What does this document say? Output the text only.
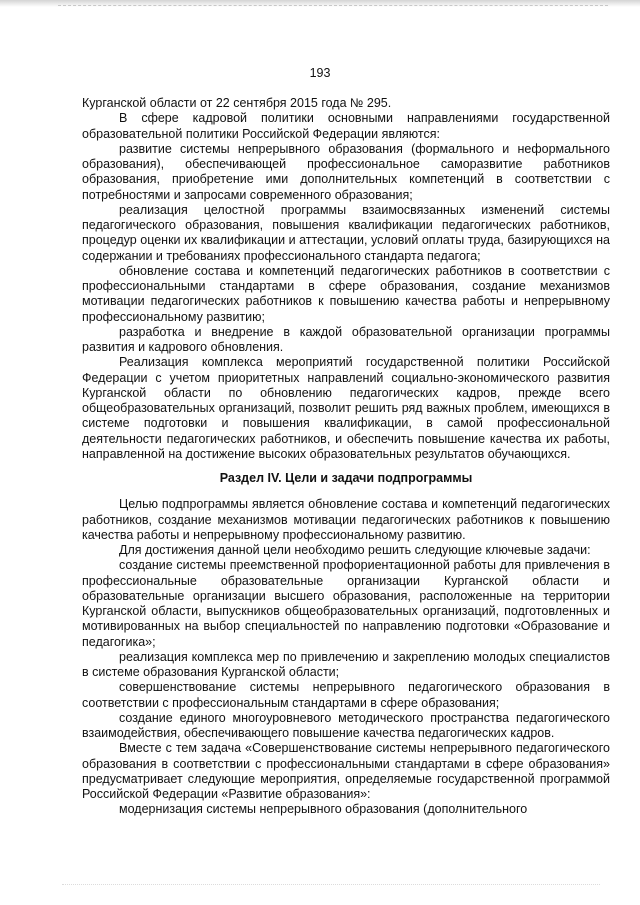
193

Курганской области от 22 сентября 2015 года № 295.

В сфере кадровой политики основными направлениями государственной образовательной политики Российской Федерации являются:

развитие системы непрерывного образования (формального и неформального образования), обеспечивающей профессиональное саморазвитие работников образования, приобретение ими дополнительных компетенций в соответствии с потребностями и запросами современного образования;

реализация целостной программы взаимосвязанных изменений системы педагогического образования, повышения квалификации педагогических работников, процедур оценки их квалификации и аттестации, условий оплаты труда, базирующихся на содержании и требованиях профессионального стандарта педагога;

обновление состава и компетенций педагогических работников в соответствии с профессиональными стандартами в сфере образования, создание механизмов мотивации педагогических работников к повышению качества работы и непрерывному профессиональному развитию;

разработка и внедрение в каждой образовательной организации программы развития и кадрового обновления.

Реализация комплекса мероприятий государственной политики Российской Федерации с учетом приоритетных направлений социально-экономического развития Курганской области по обновлению педагогических кадров, прежде всего общеобразовательных организаций, позволит решить ряд важных проблем, имеющихся в системе подготовки и повышения квалификации, в самой профессиональной деятельности педагогических работников, и обеспечить повышение качества их работы, направленной на достижение высоких образовательных результатов обучающихся.

Раздел IV. Цели и задачи подпрограммы

Целью подпрограммы является обновление состава и компетенций педагогических работников, создание механизмов мотивации педагогических работников к повышению качества работы и непрерывному профессиональному развитию.

Для достижения данной цели необходимо решить следующие ключевые задачи:

создание системы преемственной профориентационной работы для привлечения в профессиональные образовательные организации Курганской области и образовательные организации высшего образования, расположенные на территории Курганской области, выпускников общеобразовательных организаций, подготовленных и мотивированных на выбор специальностей по направлению подготовки «Образование и педагогика»;

реализация комплекса мер по привлечению и закреплению молодых специалистов в системе образования Курганской области;

совершенствование системы непрерывного педагогического образования в соответствии с профессиональным стандартами в сфере образования;

создание единого многоуровневого методического пространства педагогического взаимодействия, обеспечивающего повышение качества педагогических кадров.

Вместе с тем задача «Совершенствование системы непрерывного педагогического образования в соответствии с профессиональными стандартами в сфере образования» предусматривает следующие мероприятия, определяемые государственной программой Российской Федерации «Развитие образования»:

модернизация системы непрерывного образования (дополнительного
